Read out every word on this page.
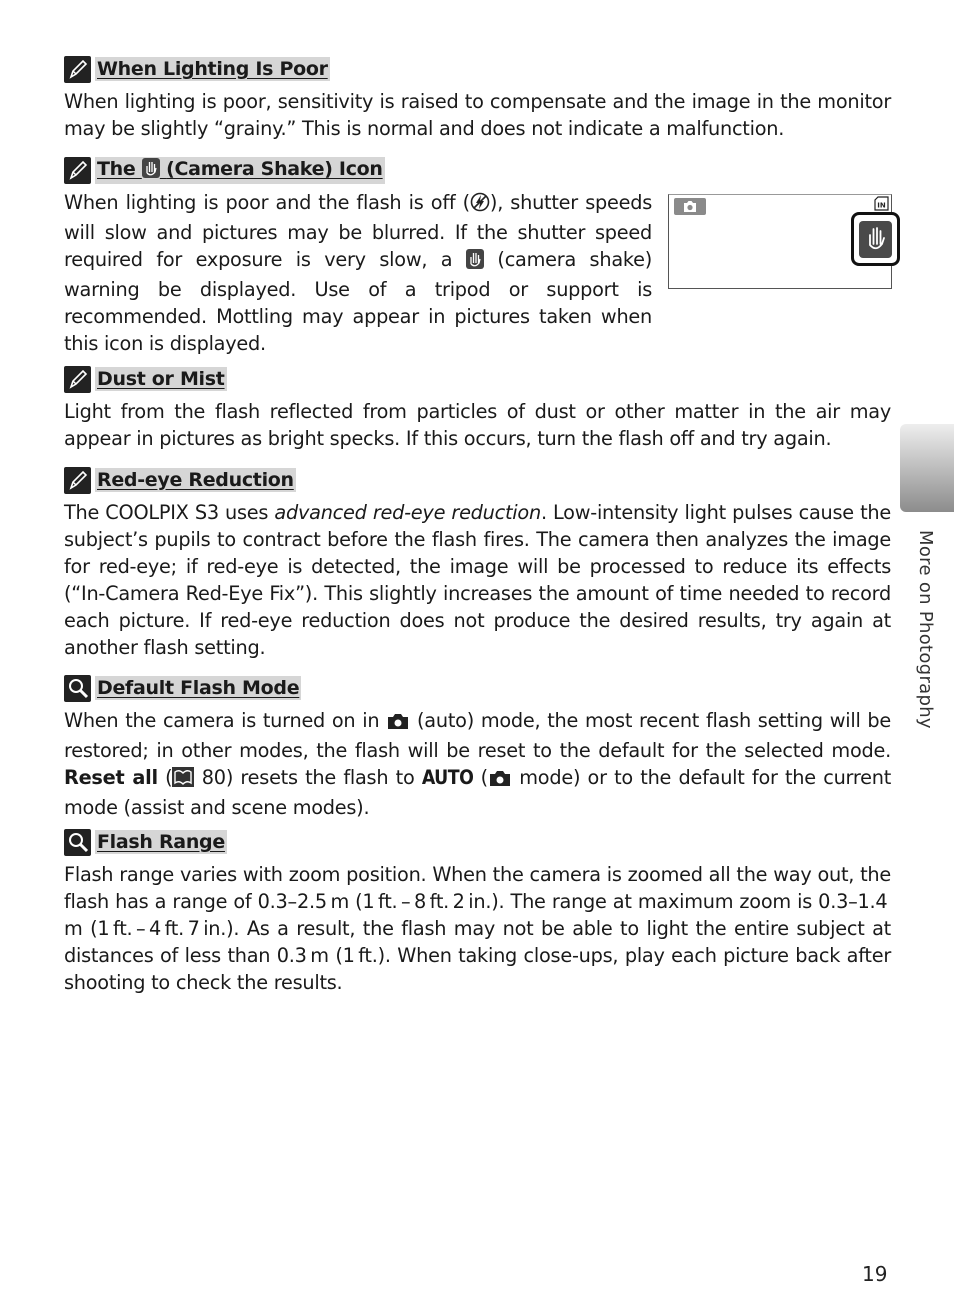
When Lighting Is Poor

When lighting is poor, sensitivity is raised to compensate and the image in the monitor may be slightly “grainy.” This is normal and does not indicate a malfunction.

The (Camera Shake) Icon

When lighting is poor and the flash is off ( ), shutter speeds will slow and pictures may be blurred. If the shutter speed required for exposure is very slow, a  (camera shake) warning be displayed. Use of a tripod or support is recommended. Mottling may appear in pictures taken when this icon is displayed.

IN
Dust or Mist

Light from the flash reflected from particles of dust or other matter in the air may appear in pictures as bright specks. If this occurs, turn the flash off and try again.

Red-eye Reduction

The COOLPIX S3 uses advanced red-eye reduction. Low-intensity light pulses cause the subject’s pupils to contract before the flash fires. The camera then analyzes the image for red-eye; if red-eye is detected, the image will be processed to reduce its effects (“In-Camera Red-Eye Fix”). This slightly increases the amount of time needed to record each picture. If red-eye reduction does not produce the desired results, try again at another flash setting.

Default Flash Mode

When the camera is turned on in  (auto) mode, the most recent flash setting will be restored; in other modes, the flash will be reset to the default for the selected mode. Reset all ( 80) resets the flash to AUTO ( mode) or to the default for the current mode (assist and scene modes).

Flash Range

Flash range varies with zoom position. When the camera is zoomed all the way out, the flash has a range of 0.3–2.5 m (1 ft. – 8 ft. 2 in.). The range at maximum zoom is 0.3–1.4 m (1 ft. – 4 ft. 7 in.). As a result, the flash may not be able to light the entire subject at distances of less than 0.3 m (1 ft.). When taking close-ups, play each picture back after shooting to check the results.

More on Photography
19
